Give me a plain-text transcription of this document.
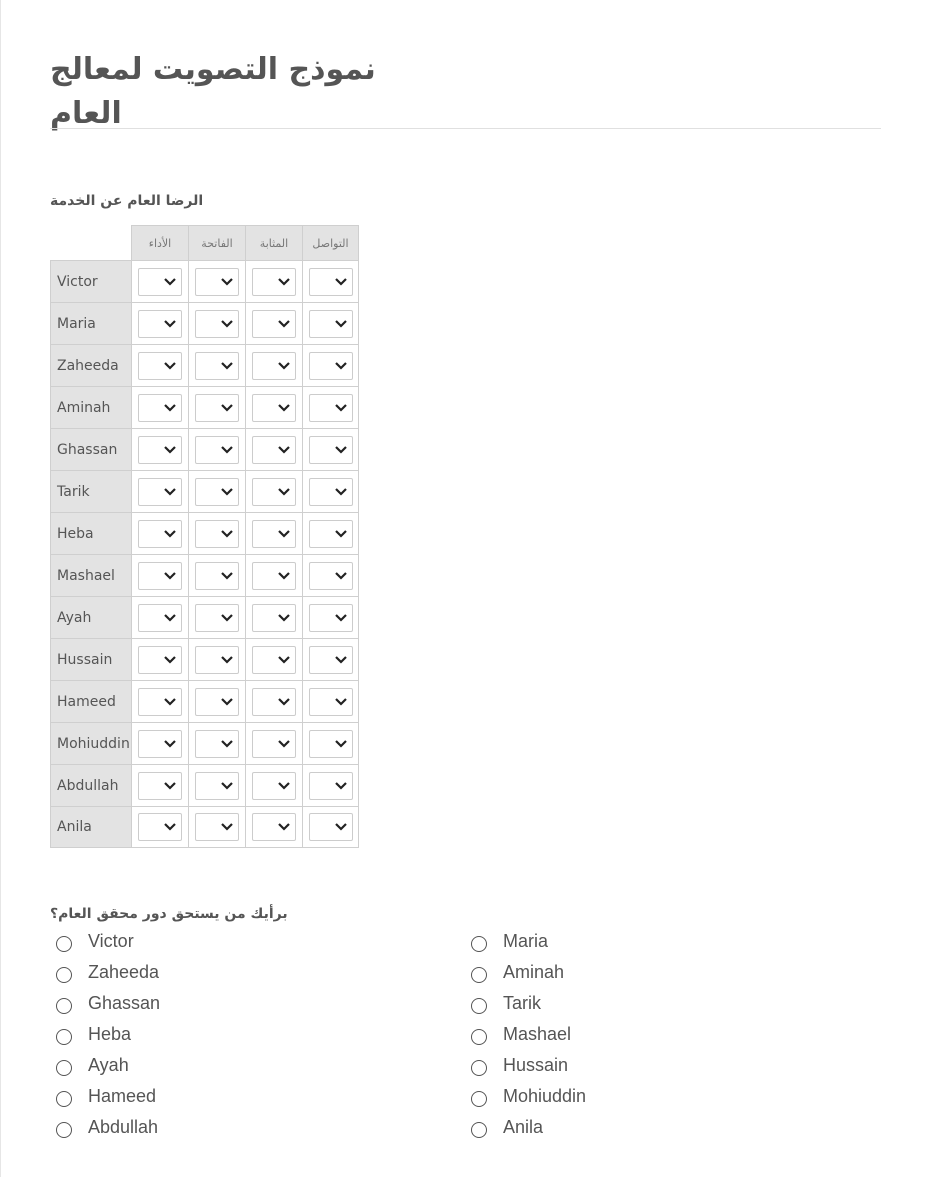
نموذج التصويت لمعالج العام
الرضا العام عن الخدمة
	الأداء	الفاتحة	المثابة	التواصل
Victor	

Maria	

Zaheeda	

Aminah	

Ghassan	

Tarik	

Heba	

Mashael	

Ayah	

Hussain	

Hameed	

Mohiuddin	

Abdullah	

Anila	

برأيك من يستحق دور محقق العام؟
Victor
Zaheeda
Ghassan
Heba
Ayah
Hameed
Abdullah
Maria
Aminah
Tarik
Mashael
Hussain
Mohiuddin
Anila
